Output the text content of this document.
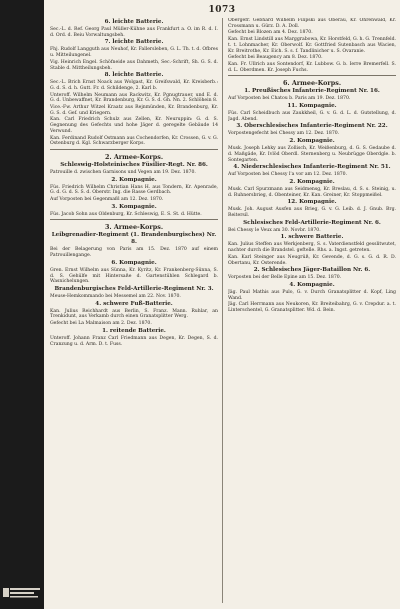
1073
6. leichte Batterie.
Sec.-L. d. Ref. Georg Paul Müller-Kühne aus Frankfurt a. O. im R. d. I. d. Ord. d. Beiu Vorwaltungsbeh.
7. leichte Batterie.
Fhj. Rudolf Langguth aus Neuhof, Kr. Fallersleben, G. L. Th. t. d. Ofbres u. Mitteilungenel.
Vig. Heinrich Engel. Schöfneide aus Dahmeth, Sec.-Schrift, Sh. G. S. d. Stable d. Mittheilungsbeh.
8. leichte Batterie.
Sec.-L. Brich Ernst Noack aus Wolgast, Kr. Greifswald, Kr. Kreisberb.: G. d. S. d. h. Gutt. Fr. d. Schildenge, 2. Karl b.
Unteroff. Wilhelm Neumann aus Rackwitz, Kr. Pgnugtrauer, und E. d. G. d. Unbewaffnet, Kr. Brandenburg, Kr. G. S. d. Gh. Nn. 2. Schlöhein 8.
Vice.-Fw. Arthur Witzel Kraatz aus Rejnmünden, Kr. Brandenburg, Kr. G. S. d. Gef. und Kriegern.
Kan. Carl Friedrich Schulz aus Zellen, Kr. Neuruppin: G. d. S. Gegnenung des Gefechts und hohe Jäger d. geregelte Gebäude 14 Verwund.
Kan. Ferdinand Rudolf Ostmann aus Cochendorfen, Kr. Crossen, G. v. G. Ostenburg d. Kgl. Schwarzberger Korps.
2. Armee-Korps.
Schleswig-Holsteinisches Füsilier-Regt. Nr. 86.
Patrouille d. zwischen Garnisons und Vegen am 19. Dez. 1870.
2. Kompagnie.
Füs. Friedrich Wilhelm Christian Hans H. aus Tondern, Kr. Apenrade, G. d. G. d. S. S. d. Oberstr. Ing. die Rasse Gerdbach.
Auf Vorposten bei Gegenmaßl am 12. Dez. 1870.
3. Kompagnie.
Füs. Jacob Sohn aus Oldenburg, Kr. Schleswig, E. S. St. d. Hütte.
3. Armee-Korps.
Leibgrenadier-Regiment (1. Brandenburgisches) Nr. 8.
Bei der Belagerung von Paris am 15. Dez. 1870 auf einem Patrouillengange.
6. Kompagnie.
Gren. Ernst Wilhelm aus Sünna, Kr. Kyritz, Kr. Frankenberg-Sünna, S. d. S. Gehülfe mit Hintersaße d. Gartenstühlen Schlegard b. Wasnichelungen.
Brandenburgisches Feld-Artillerie-Regiment Nr. 3.
Meuse-Hemkommando bei Messemel am 22. Nov. 1870.
4. schwere Fuß-Batterie.
Kan. Julius Reichhardt aus Berlin, S. Franz. Mann. Ruhlar, an Trenkidunt, aus Verkamb durch einen Granatsplitter Werg.
Gefecht bei La Malmaison am 2. Dez. 1870.
1. reitende Batterie.
Unteroff. Johann Franz Carl Friedmann aus Degen, Kr. Degen, S. d. Cranzung u. d. Arm. D. t. Fuss.
Obergefr. Gebhard Wilhelm Filipski aus Oberau, Kr. Ohrenwald, Kr. Crossmann u. Gürz. D. A. Doll.
Gefecht bei Blozen am 4. Dez. 1870.
Kan. Ernst Lindstill aus Marggrabowa, Kr. Horstfeld, G. h. G. Trennfeld. t. t. Lohnmacher, Kr. Oberwolf. Kr. Gottfried Sutenbasch aus Wacien, Kr. Breitrothe, Kr. Eich. S. s. f. Tandlinicher u. S. Ovaranie.
Gefecht bei Beaugency am 8. Dez. 1870.
Kan. Fr. Ullrich aus Sontendorf, Kr. Lubbow. G. b. Ierre Bremerfell. S. d. L. Oberdmen. Kr. Joseph Fuchs.
6. Armee-Korps.
1. Preußisches Infanterie-Regiment Nr. 16.
Auf Vorposten bei Chatou b. Paris am 19. Dez. 1870.
11. Kompagnie.
Füs. Carl Scheidbuch aus Zaukkheil, G. v. G. d. L. d. Gutstellung, d. Jagd. Abend.
3. Oberschlesisches Infanterie-Regiment Nr. 22.
Vorpostengefecht bei Chessy am 12. Dez. 1870.
2. Kompagnie.
Musk. Joseph Lehky aus Zollisch, Kr. Weißenburg, d. G. S. Gedaube d. d. Maßgäde, Kr. Ivlöd Oberdl. Sternenberg u. Neubrügge Oberdgle. b. Sontegarten.
4. Niederschlesisches Infanterie-Regiment Nr. 51.
Auf Vorposten bei Chessy l'a vor am 12. Dez. 1870.
2. Kompagnie.
Musk. Carl Spurzmann aus Seidmensg, Kr. Breslau, d. S. s. Steinig, u. d. Ruhnersbrieg, d. Obenteiner, Kr. Kan. Greiner, Kr. Stoppmeißel.
12. Kompagnie.
Musk. Joh. August Ausfen aus Brieg, G. v. G. Leib. d. J. Gnub. Brg. Reitersil.
Schlesisches Feld-Artillerie-Regiment Nr. 6.
Bei Chessy le Veux am 30. Novbr. 1870.
1. schwere Batterie.
Kan. Julius Steffen aus Werkjenberg, S. s. Vaterdienstfeld gesslitwutet, nachter durch die Brandstel. geftelle. Rhs. a. Ingst. getreten.
Kan. Karl Steinger aus Neugrüß, Kr. Gevende, d. G. s. G. d. R. D. Obertanu, Kr. Osterende.
2. Schlesisches Jäger-Bataillon Nr. 6.
Vorposten bei der Belle Epine am 15. Dez. 1870.
4. Kompagnie.
Jäg. Paul Mathis aus Pulo, G. v. Durch Granatsplitter d. Kopf, Ling Wand.
Jäg. Carl Herrmann aus Neukoren, Kr. Breiteibahrg, G. v. Crepdur. a. t. Linterschentel, G. Granatsplitter. Wd. d. Bein.
